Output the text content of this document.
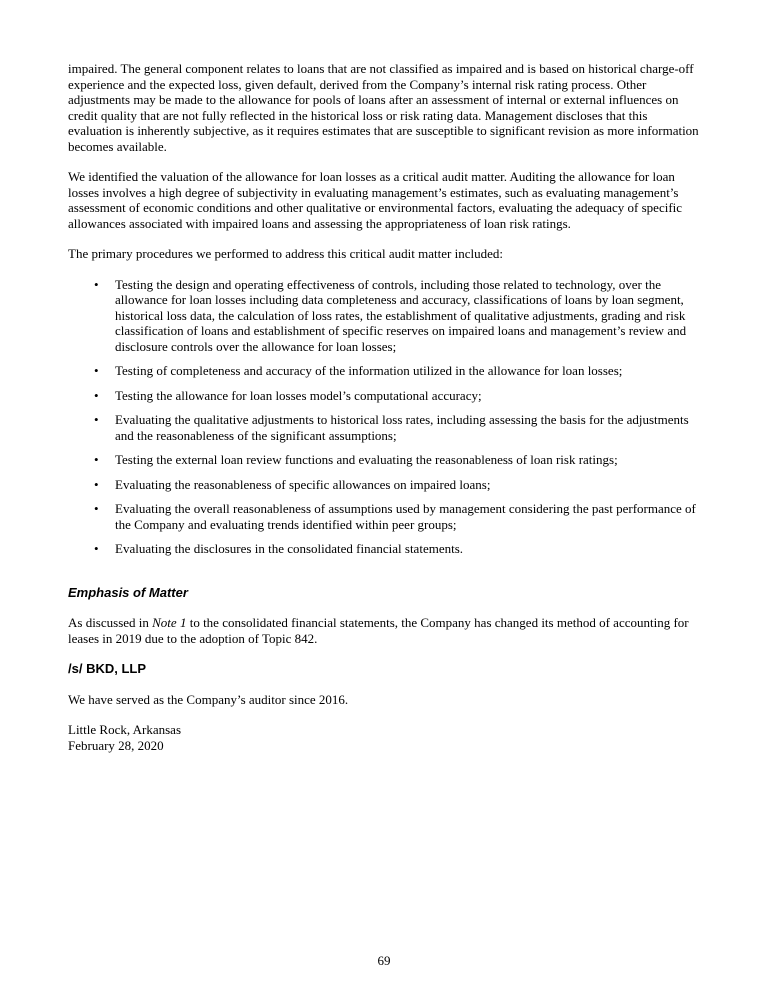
impaired. The general component relates to loans that are not classified as impaired and is based on historical charge-off experience and the expected loss, given default, derived from the Company’s internal risk rating process. Other adjustments may be made to the allowance for pools of loans after an assessment of internal or external influences on credit quality that are not fully reflected in the historical loss or risk rating data. Management discloses that this evaluation is inherently subjective, as it requires estimates that are susceptible to significant revision as more information becomes available.

We identified the valuation of the allowance for loan losses as a critical audit matter. Auditing the allowance for loan losses involves a high degree of subjectivity in evaluating management’s estimates, such as evaluating management’s assessment of economic conditions and other qualitative or environmental factors, evaluating the adequacy of specific allowances associated with impaired loans and assessing the appropriateness of loan risk ratings.

The primary procedures we performed to address this critical audit matter included:

• Testing the design and operating effectiveness of controls, including those related to technology, over the allowance for loan losses including data completeness and accuracy, classifications of loans by loan segment, historical loss data, the calculation of loss rates, the establishment of qualitative adjustments, grading and risk classification of loans and establishment of specific reserves on impaired loans and management’s review and disclosure controls over the allowance for loan losses;
• Testing of completeness and accuracy of the information utilized in the allowance for loan losses;
• Testing the allowance for loan losses model’s computational accuracy;
• Evaluating the qualitative adjustments to historical loss rates, including assessing the basis for the adjustments and the reasonableness of the significant assumptions;
• Testing the external loan review functions and evaluating the reasonableness of loan risk ratings;
• Evaluating the reasonableness of specific allowances on impaired loans;
• Evaluating the overall reasonableness of assumptions used by management considering the past performance of the Company and evaluating trends identified within peer groups;
• Evaluating the disclosures in the consolidated financial statements.
Emphasis of Matter

As discussed in Note 1 to the consolidated financial statements, the Company has changed its method of accounting for leases in 2019 due to the adoption of Topic 842.

/s/ BKD, LLP

We have served as the Company’s auditor since 2016.

Little Rock, Arkansas

February 28, 2020

69
